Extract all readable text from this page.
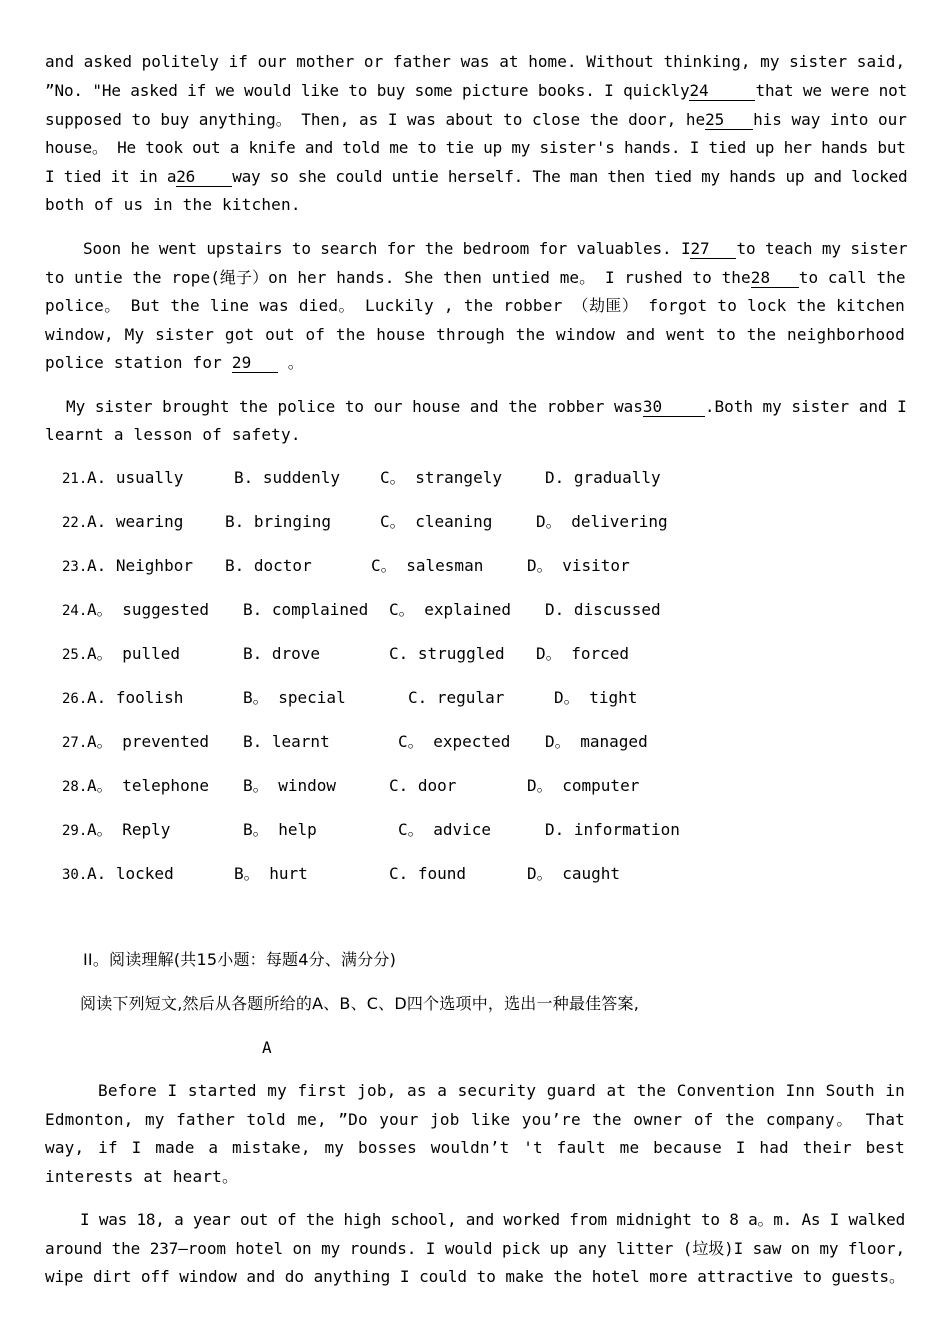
and asked politely if our mother or father was at home. Without thinking, my sister said,
”No. "He asked if we would like to buy some picture books. I quickly24	that we were not
supposed to buy anything。 Then, as I was about to close the door, he25 his way into our
house。 He took out a knife and told me to tie up my sister's hands. I tied up her hands but
I tied it in a26 way so she could untie herself. The man then tied my hands up and locked
both of us in the kitchen.
Soon he went upstairs to search for the bedroom for valuables. I27 to teach my sister
to untie the rope(绳子）on her hands. She then untied me。 I rushed to the28 to call the
police。 But the line was died。 Luckily , the robber （劫匪） forgot to lock the kitchen
window, My sister got out of the house through the window and went to the neighborhood
police station for 29 。
My sister brought the police to our house and the robber was30	.Both my sister and I
learnt a lesson of safety.
21. A. usually	B. suddenly	C。 strangely	D. gradually
22. A. wearing	B. bringing	C。 cleaning	D。 delivering
23. A. Neighbor B. doctor	C。 salesman	D。 visitor
24. A。 suggested B. complained C。 explained D. discussed
25. A。 pulled	B. drove	C. struggled D。 forced
26. A. foolish	B。 special	C. regular	D。 tight
27. A。 prevented B. learnt	C。 expected D。 managed
28. A。 telephone B。 window	C. door	D。 computer
29. A。 Reply	B。 help	C。 advice	D. information
30. A. locked	B。 hurt	C. found	D。 caught
II。阅读理解(共15小题：每题4分、满分分)
阅读下列短文,然后从各题所给的A、B、C、D四个选项中，选出一种最佳答案,
A
Before I started my first job, as a security guard at the Convention Inn South in
Edmonton, my father told me, ”Do your job like you’re the owner of the company。 That
way, if I made a mistake, my bosses wouldn’t 't fault me because I had their best
interests at heart。
I was 18, a year out of the high school, and worked from midnight to 8 a。m. As I walked
around the 237—room hotel on my rounds. I would pick up any litter (垃圾)I saw on my floor,
wipe dirt off window and do anything I could to make the hotel more attractive to guests。
